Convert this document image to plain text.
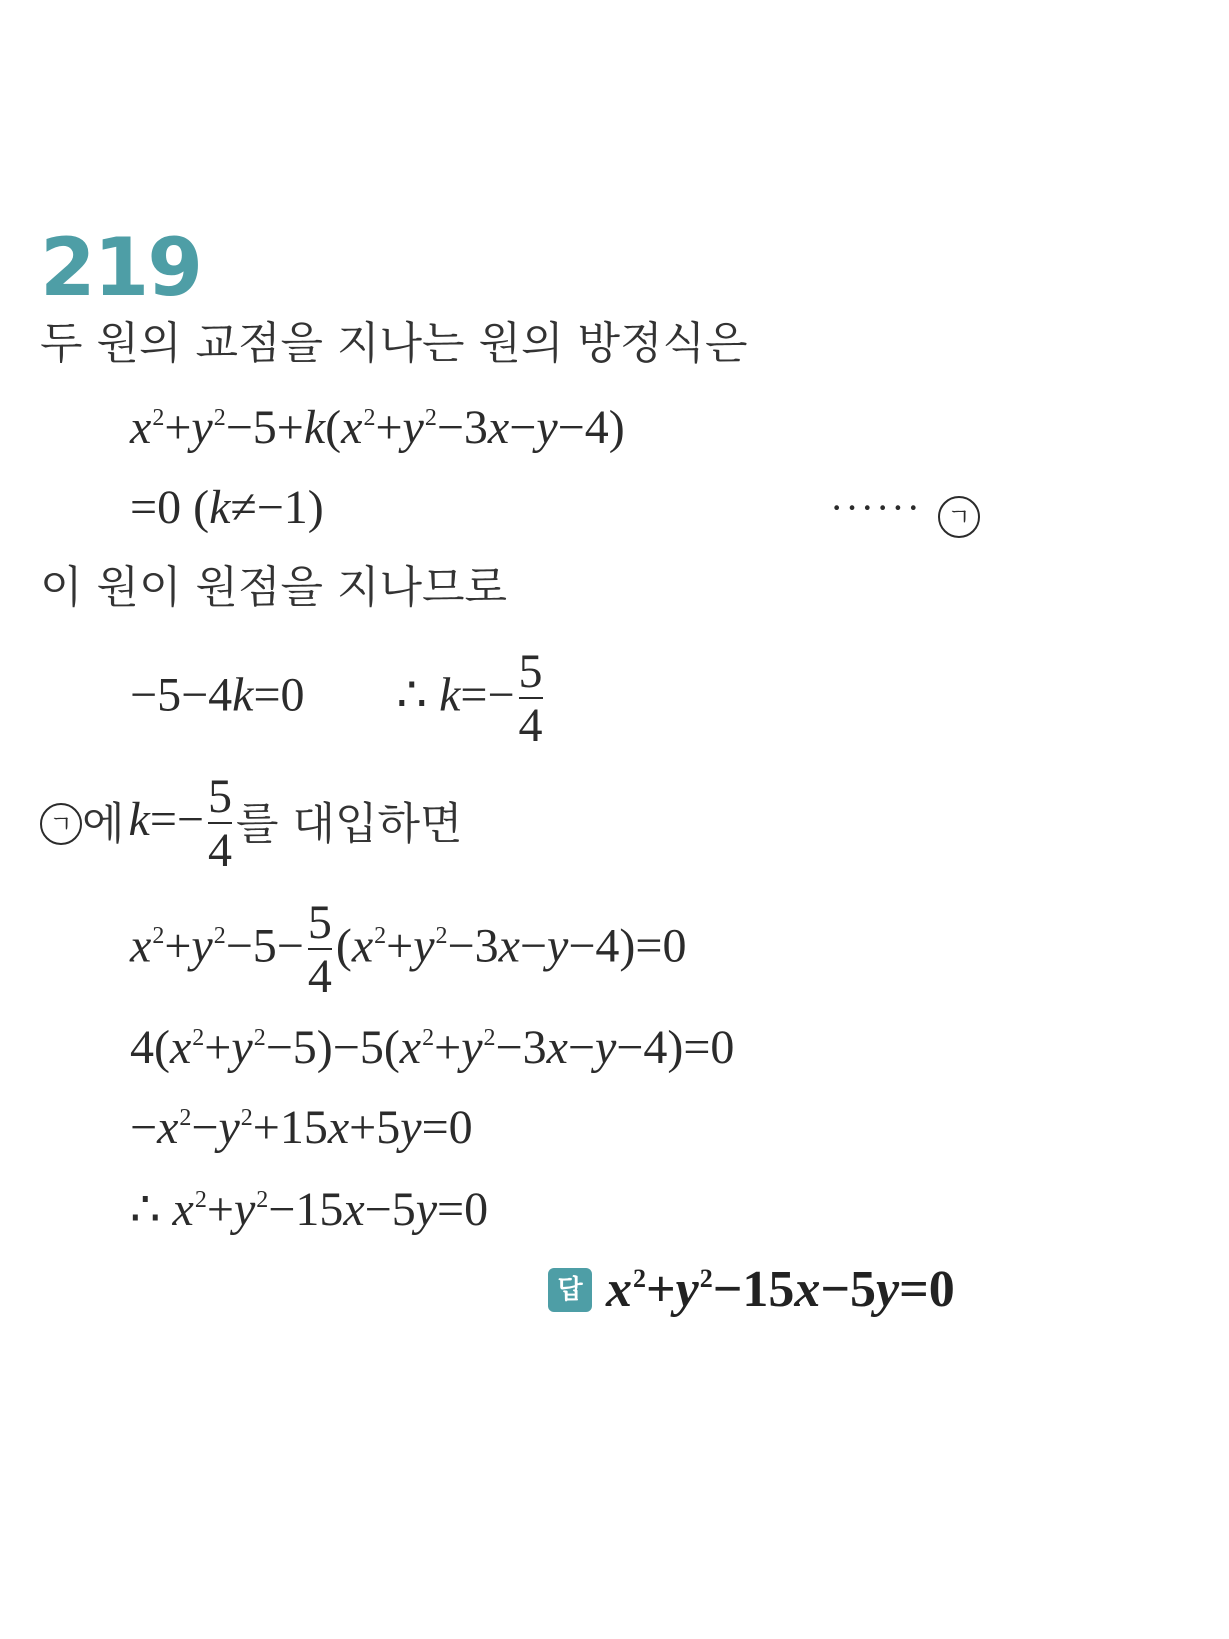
219
두 원의 교점을 지나는 원의 방정식은
$x^2+y^2-5+k(x^2+y^2-3x-y-4)$
=0 (k≠−1)	······ ㄱ
이 원이 원점을 지나므로
−5−4k=0 ∴ $k=- \frac{5}{4}$
ㄱ 에 $k=- \frac{5}{4}$ 를 대입하면
$x^2+y^2-5- \frac{5}{4} (x^2+y^2-3x-y-4)=0$
$4(x^2+y^2-5)-5(x^2+y^2-3x-y-4)=0$
$-x^2-y^2+15x+5y=0$
∴ $x^2+y^2-15x-5y=0$
답 $x^2+y^2-15x-5y=0$
